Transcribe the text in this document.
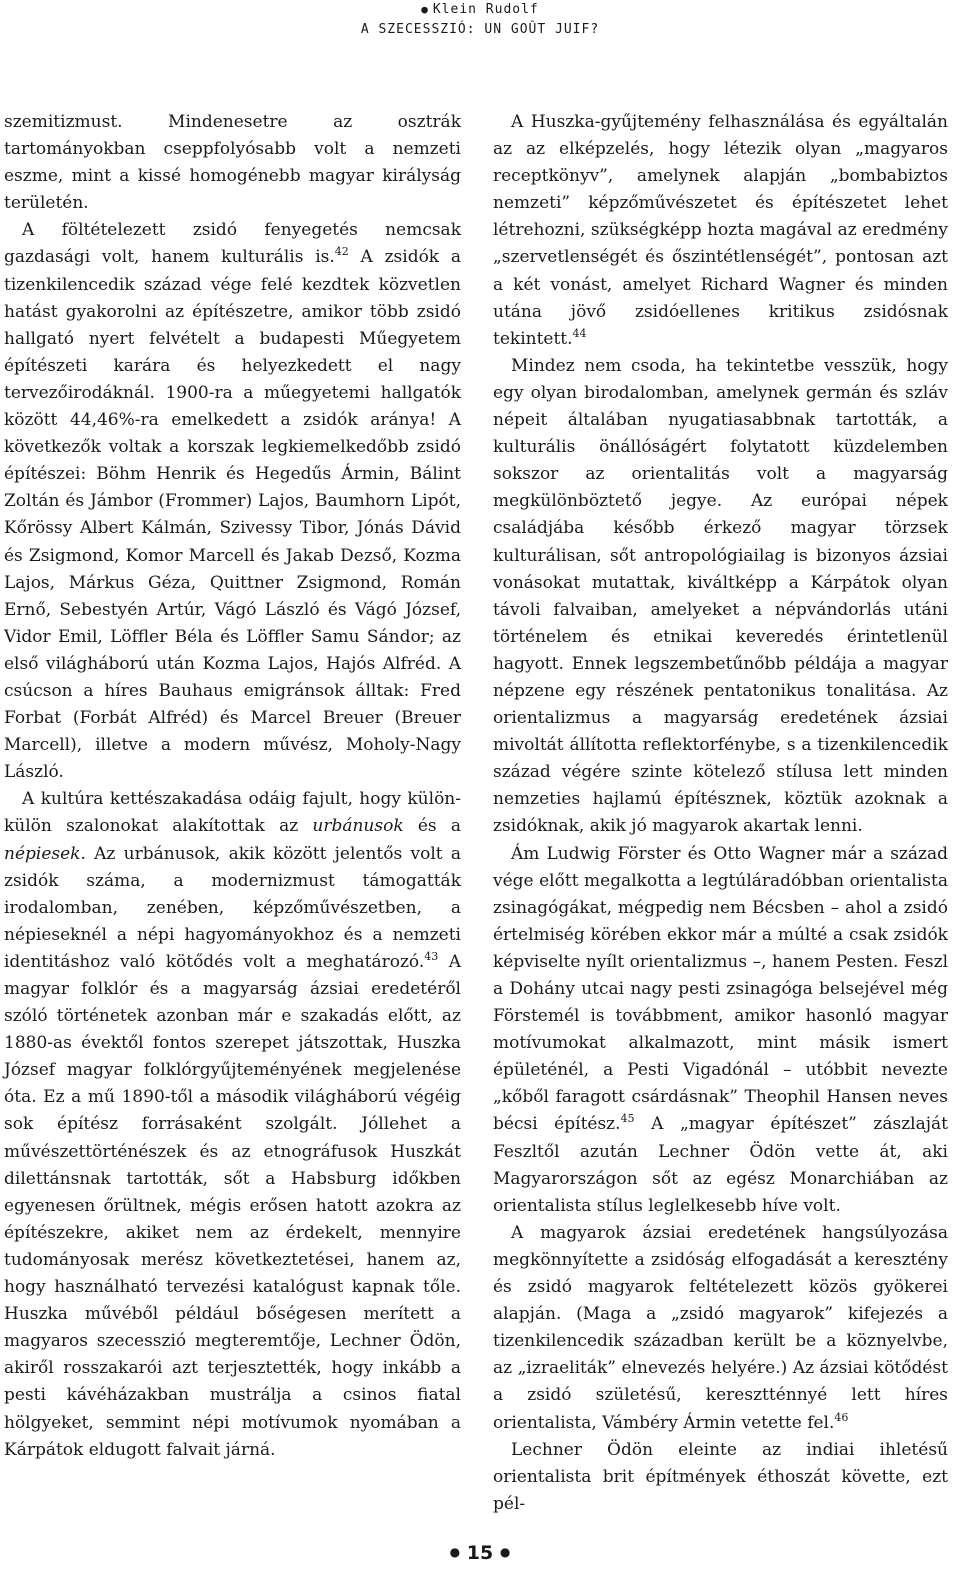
● Klein Rudolf
A SZECESSZIÓ: UN GOÛT JUIF?

szemitizmust. Mindenesetre az osztrák tartományokban cseppfolyósabb volt a nemzeti eszme, mint a kissé homogénebb magyar királyság területén.

A föltételezett zsidó fenyegetés nemcsak gazdasági volt, hanem kulturális is.$^{42}$ A zsidók a tizenkilencedik század vége felé kezdtek közvetlen hatást gyakorolni az építészetre, amikor több zsidó hallgató nyert felvételt a budapesti Műegyetem építészeti karára és helyezkedett el nagy tervezőirodáknál. 1900-ra a műegyetemi hallgatók között 44,46%-ra emelkedett a zsidók aránya! A következők voltak a korszak legkiemelkedőbb zsidó építészei: Böhm Henrik és Hegedűs Ármin, Bálint Zoltán és Jámbor (Frommer) Lajos, Baumhorn Lipót, Kőrössy Albert Kálmán, Szivessy Tibor, Jónás Dávid és Zsigmond, Komor Marcell és Jakab Dezső, Kozma Lajos, Márkus Géza, Quittner Zsigmond, Román Ernő, Sebestyén Artúr, Vágó László és Vágó József, Vidor Emil, Löffler Béla és Löffler Samu Sándor; az első világháború után Kozma Lajos, Hajós Alfréd. A csúcson a híres Bauhaus emigránsok álltak: Fred Forbat (Forbát Alfréd) és Marcel Breuer (Breuer Marcell), illetve a modern művész, Moholy-Nagy László.

A kultúra kettészakadása odáig fajult, hogy külön-külön szalonokat alakítottak az urbánusok és a népiesek. Az urbánusok, akik között jelentős volt a zsidók száma, a modernizmust támogatták irodalomban, zenében, képzőművészetben, a népieseknél a népi hagyományokhoz és a nemzeti identitáshoz való kötődés volt a meghatározó.$^{43}$ A magyar folklór és a magyarság ázsiai eredetéről szóló történetek azonban már e szakadás előtt, az 1880-as évektől fontos szerepet játszottak, Huszka József magyar folklórgyűjteményének megjelenése óta. Ez a mű 1890-től a második világháború végéig sok építész forrásaként szolgált. Jóllehet a művészettörténészek és az etnográfusok Huszkát dilettánsnak tartották, sőt a Habsburg időkben egyenesen őrültnek, mégis erősen hatott azokra az építészekre, akiket nem az érdekelt, mennyire tudományosak merész következtetései, hanem az, hogy használható tervezési katalógust kapnak tőle. Huszka művéből például bőségesen merített a magyaros szecesszió megteremtője, Lechner Ödön, akiről rosszakarói azt terjesztették, hogy inkább a pesti kávéházakban mustrálja a csinos fiatal hölgyeket, semmint népi motívumok nyomában a Kárpátok eldugott falvait járná.

A Huszka-gyűjtemény felhasználása és egyáltalán az az elképzelés, hogy létezik olyan „magyaros receptkönyv”, amelynek alapján „bombabiztos nemzeti” képzőművészetet és építészetet lehet létrehozni, szükségképp hozta magával az eredmény „szervetlenségét és őszintétlenségét”, pontosan azt a két vonást, amelyet Richard Wagner és minden utána jövő zsidóellenes kritikus zsidósnak tekintett.$^{44}$

Mindez nem csoda, ha tekintetbe vesszük, hogy egy olyan birodalomban, amelynek germán és szláv népeit általában nyugatiasabbnak tartották, a kulturális önállóságért folytatott küzdelemben sokszor az orientalitás volt a magyarság megkülönböztető jegye. Az európai népek családjába később érkező magyar törzsek kulturálisan, sőt antropológiailag is bizonyos ázsiai vonásokat mutattak, kiváltképp a Kárpátok olyan távoli falvaiban, amelyeket a népvándorlás utáni történelem és etnikai keveredés érintetlenül hagyott. Ennek legszembetűnőbb példája a magyar népzene egy részének pentatonikus tonalitása. Az orientalizmus a magyarság eredetének ázsiai mivoltát állította reflektorfénybe, s a tizenkilencedik század végére szinte kötelező stílusa lett minden nemzeties hajlamú építésznek, köztük azoknak a zsidóknak, akik jó magyarok akartak lenni.

Ám Ludwig Förster és Otto Wagner már a század vége előtt megalkotta a legtúláradóbban orientalista zsinagógákat, mégpedig nem Bécsben – ahol a zsidó értelmiség körében ekkor már a múlté a csak zsidók képviselte nyílt orientalizmus –, hanem Pesten. Feszl a Dohány utcai nagy pesti zsinagóga belsejével még Förstemél is továbbment, amikor hasonló magyar motívumokat alkalmazott, mint másik ismert épületénél, a Pesti Vigadónál – utóbbit nevezte „kőből faragott csárdásnak” Theophil Hansen neves bécsi építész.$^{45}$ A „magyar építészet” zászlaját Feszltől azután Lechner Ödön vette át, aki Magyarországon sőt az egész Monarchiában az orientalista stílus leglelkesebb híve volt.

A magyarok ázsiai eredetének hangsúlyozása megkönnyítette a zsidóság elfogadását a keresztény és zsidó magyarok feltételezett közös gyökerei alapján. (Maga a „zsidó magyarok” kifejezés a tizenkilencedik században került be a köznyelvbe, az „izraeliták” elnevezés helyére.) Az ázsiai kötődést a zsidó születésű, keresztténnyé lett híres orientalista, Vámbéry Ármin vetette fel.$^{46}$

Lechner Ödön eleinte az indiai ihletésű orientalista brit építmények éthoszát követte, ezt pél-

● 15 ●
